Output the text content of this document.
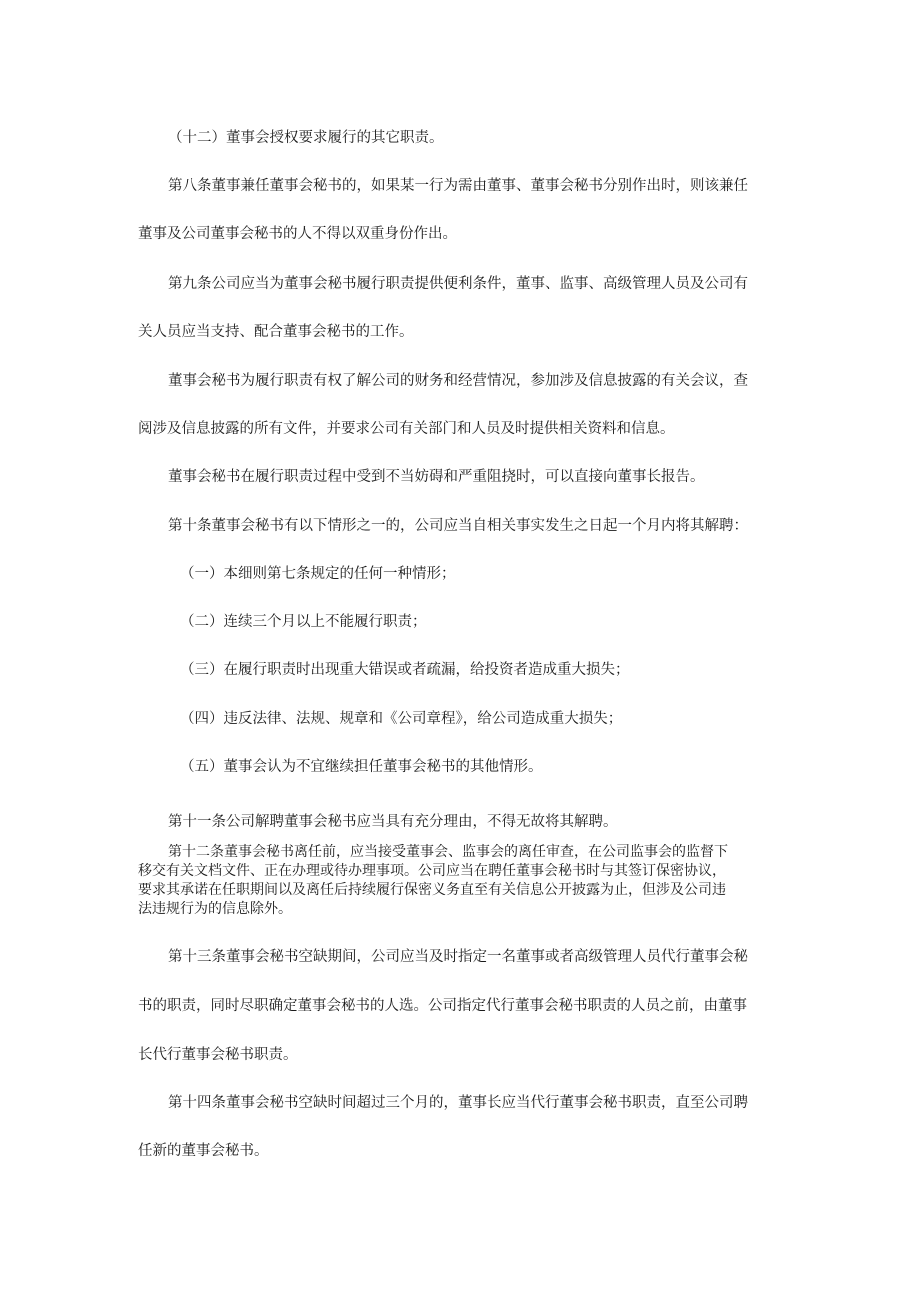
（十二）董事会授权要求履行的其它职责。
第八条董事兼任董事会秘书的，如果某一行为需由董事、董事会秘书分别作出时，则该兼任
董事及公司董事会秘书的人不得以双重身份作出。
第九条公司应当为董事会秘书履行职责提供便利条件，董事、监事、高级管理人员及公司有
关人员应当支持、配合董事会秘书的工作。
董事会秘书为履行职责有权了解公司的财务和经营情况，参加涉及信息披露的有关会议，查
阅涉及信息披露的所有文件，并要求公司有关部门和人员及时提供相关资料和信息。
董事会秘书在履行职责过程中受到不当妨碍和严重阻挠时，可以直接向董事长报告。
第十条董事会秘书有以下情形之一的，公司应当自相关事实发生之日起一个月内将其解聘：
（一）本细则第七条规定的任何一种情形；
（二）连续三个月以上不能履行职责；
（三）在履行职责时出现重大错误或者疏漏，给投资者造成重大损失；
（四）违反法律、法规、规章和《公司章程》，给公司造成重大损失；
（五）董事会认为不宜继续担任董事会秘书的其他情形。
第十一条公司解聘董事会秘书应当具有充分理由，不得无故将其解聘。
第十二条董事会秘书离任前，应当接受董事会、监事会的离任审查，在公司监事会的监督下
移交有关文档文件、正在办理或待办理事项。公司应当在聘任董事会秘书时与其签订保密协议，
要求其承诺在任职期间以及离任后持续履行保密义务直至有关信息公开披露为止，但涉及公司违
法违规行为的信息除外。
第十三条董事会秘书空缺期间，公司应当及时指定一名董事或者高级管理人员代行董事会秘
书的职责，同时尽职确定董事会秘书的人选。公司指定代行董事会秘书职责的人员之前，由董事
长代行董事会秘书职责。
第十四条董事会秘书空缺时间超过三个月的，董事长应当代行董事会秘书职责，直至公司聘
任新的董事会秘书。
